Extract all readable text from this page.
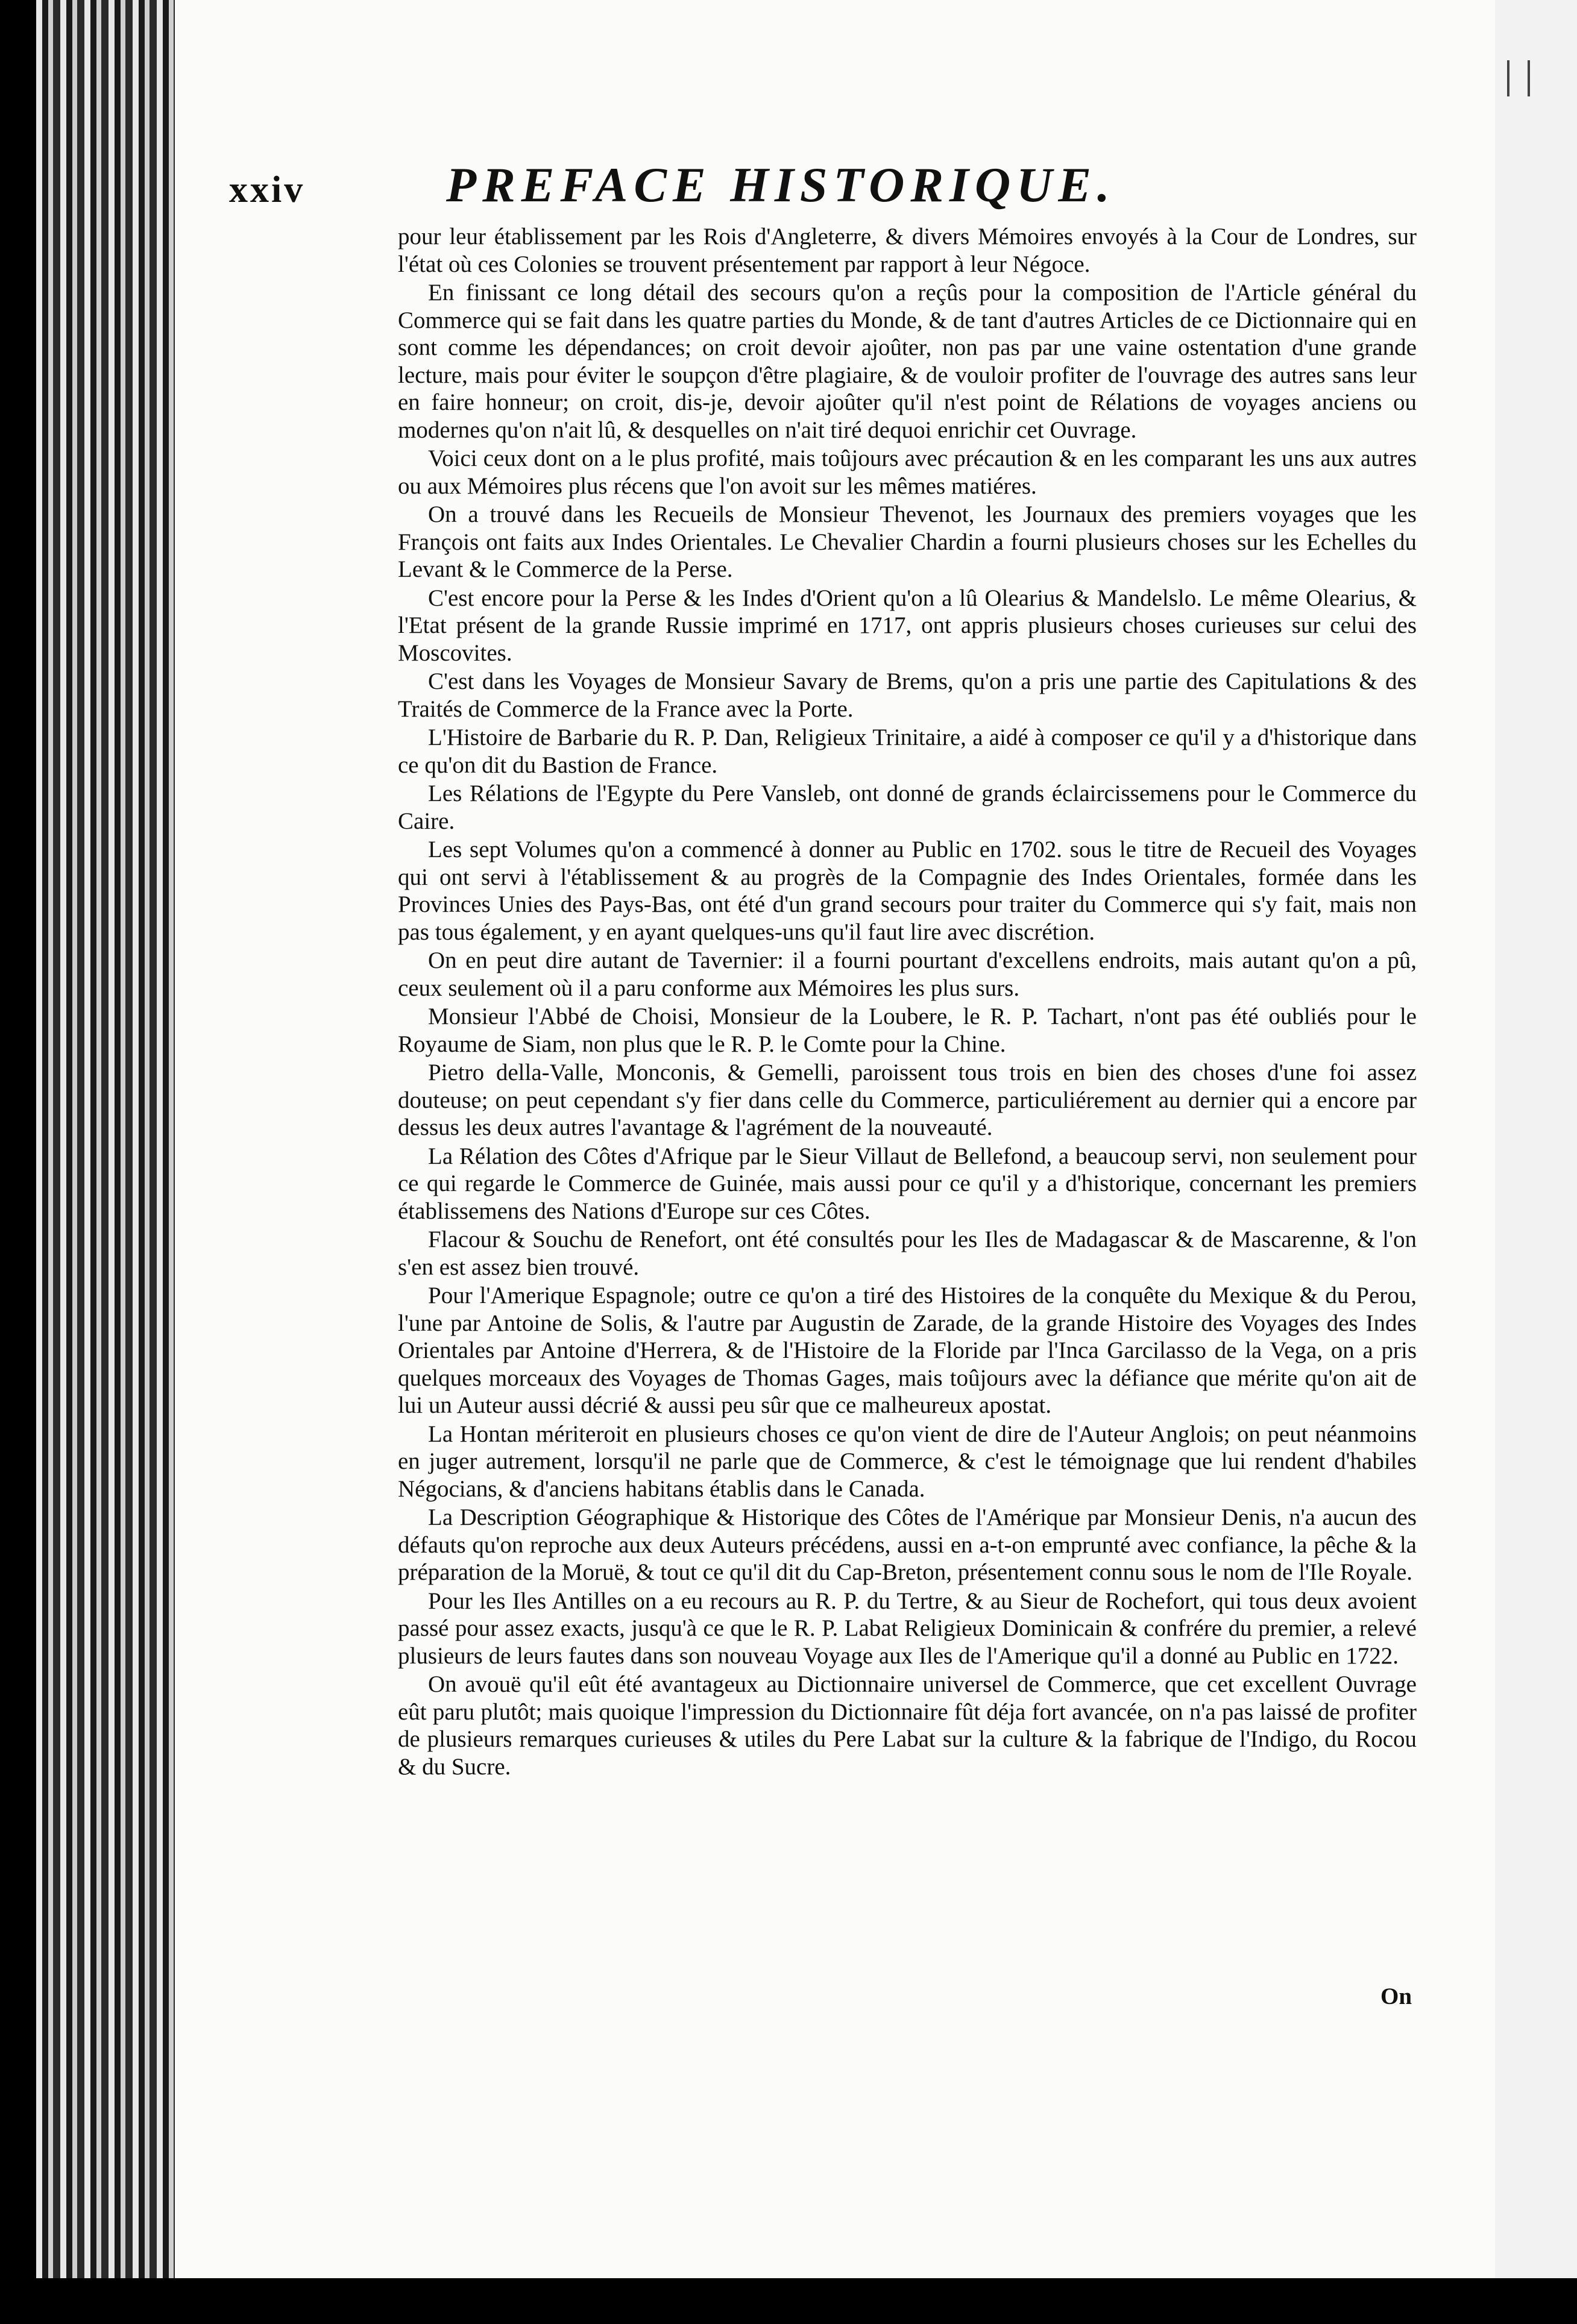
xxiv	PREFACE HISTORIQUE.

pour leur établissement par les Rois d'Angleterre, & divers Mémoires envoyés à la Cour de Londres, sur l'état où ces Colonies se trouvent présentement par rapport à leur Négoce.

En finissant ce long détail des secours qu'on a reçûs pour la composition de l'Article général du Commerce qui se fait dans les quatre parties du Monde, & de tant d'autres Articles de ce Dictionnaire qui en sont comme les dépendances; on croit devoir ajoûter, non pas par une vaine ostentation d'une grande lecture, mais pour éviter le soupçon d'être plagiaire, & de vouloir profiter de l'ouvrage des autres sans leur en faire honneur; on croit, dis-je, devoir ajoûter qu'il n'est point de Rélations de voyages anciens ou modernes qu'on n'ait lû, & desquelles on n'ait tiré dequoi enrichir cet Ouvrage.

Voici ceux dont on a le plus profité, mais toûjours avec précaution & en les comparant les uns aux autres ou aux Mémoires plus récens que l'on avoit sur les mêmes matiéres.

On a trouvé dans les Recueils de Monsieur Thevenot, les Journaux des premiers voyages que les François ont faits aux Indes Orientales. Le Chevalier Chardin a fourni plusieurs choses sur les Echelles du Levant & le Commerce de la Perse.

C'est encore pour la Perse & les Indes d'Orient qu'on a lû Olearius & Mandelslo. Le même Olearius, & l'Etat présent de la grande Russie imprimé en 1717, ont appris plusieurs choses curieuses sur celui des Moscovites.

C'est dans les Voyages de Monsieur Savary de Brems, qu'on a pris une partie des Capitulations & des Traités de Commerce de la France avec la Porte.

L'Histoire de Barbarie du R. P. Dan, Religieux Trinitaire, a aidé à composer ce qu'il y a d'historique dans ce qu'on dit du Bastion de France.

Les Rélations de l'Egypte du Pere Vansleb, ont donné de grands éclaircissemens pour le Commerce du Caire.

Les sept Volumes qu'on a commencé à donner au Public en 1702. sous le titre de Recueil des Voyages qui ont servi à l'établissement & au progrès de la Compagnie des Indes Orientales, formée dans les Provinces Unies des Pays-Bas, ont été d'un grand secours pour traiter du Commerce qui s'y fait, mais non pas tous également, y en ayant quelques-uns qu'il faut lire avec discrétion.

On en peut dire autant de Tavernier: il a fourni pourtant d'excellens endroits, mais autant qu'on a pû, ceux seulement où il a paru conforme aux Mémoires les plus surs.

Monsieur l'Abbé de Choisi, Monsieur de la Loubere, le R. P. Tachart, n'ont pas été oubliés pour le Royaume de Siam, non plus que le R. P. le Comte pour la Chine.

Pietro della-Valle, Monconis, & Gemelli, paroissent tous trois en bien des choses d'une foi assez douteuse; on peut cependant s'y fier dans celle du Commerce, particuliérement au dernier qui a encore par dessus les deux autres l'avantage & l'agrément de la nouveauté.

La Rélation des Côtes d'Afrique par le Sieur Villaut de Bellefond, a beaucoup servi, non seulement pour ce qui regarde le Commerce de Guinée, mais aussi pour ce qu'il y a d'historique, concernant les premiers établissemens des Nations d'Europe sur ces Côtes.

Flacour & Souchu de Renefort, ont été consultés pour les Iles de Madagascar & de Mascarenne, & l'on s'en est assez bien trouvé.

Pour l'Amerique Espagnole; outre ce qu'on a tiré des Histoires de la conquête du Mexique & du Perou, l'une par Antoine de Solis, & l'autre par Augustin de Zarade, de la grande Histoire des Voyages des Indes Orientales par Antoine d'Herrera, & de l'Histoire de la Floride par l'Inca Garcilasso de la Vega, on a pris quelques morceaux des Voyages de Thomas Gages, mais toûjours avec la défiance que mérite qu'on ait de lui un Auteur aussi décrié & aussi peu sûr que ce malheureux apostat.

La Hontan mériteroit en plusieurs choses ce qu'on vient de dire de l'Auteur Anglois; on peut néanmoins en juger autrement, lorsqu'il ne parle que de Commerce, & c'est le témoignage que lui rendent d'habiles Négocians, & d'anciens habitans établis dans le Canada.

La Description Géographique & Historique des Côtes de l'Amérique par Monsieur Denis, n'a aucun des défauts qu'on reproche aux deux Auteurs précédens, aussi en a-t-on emprunté avec confiance, la pêche & la préparation de la Moruë, & tout ce qu'il dit du Cap-Breton, présentement connu sous le nom de l'Ile Royale.

Pour les Iles Antilles on a eu recours au R. P. du Tertre, & au Sieur de Rochefort, qui tous deux avoient passé pour assez exacts, jusqu'à ce que le R. P. Labat Religieux Dominicain & confrére du premier, a relevé plusieurs de leurs fautes dans son nouveau Voyage aux Iles de l'Amerique qu'il a donné au Public en 1722.

On avouë qu'il eût été avantageux au Dictionnaire universel de Commerce, que cet excellent Ouvrage eût paru plutôt; mais quoique l'impression du Dictionnaire fût déja fort avancée, on n'a pas laissé de profiter de plusieurs remarques curieuses & utiles du Pere Labat sur la culture & la fabrique de l'Indigo, du Rocou & du Sucre.

On
